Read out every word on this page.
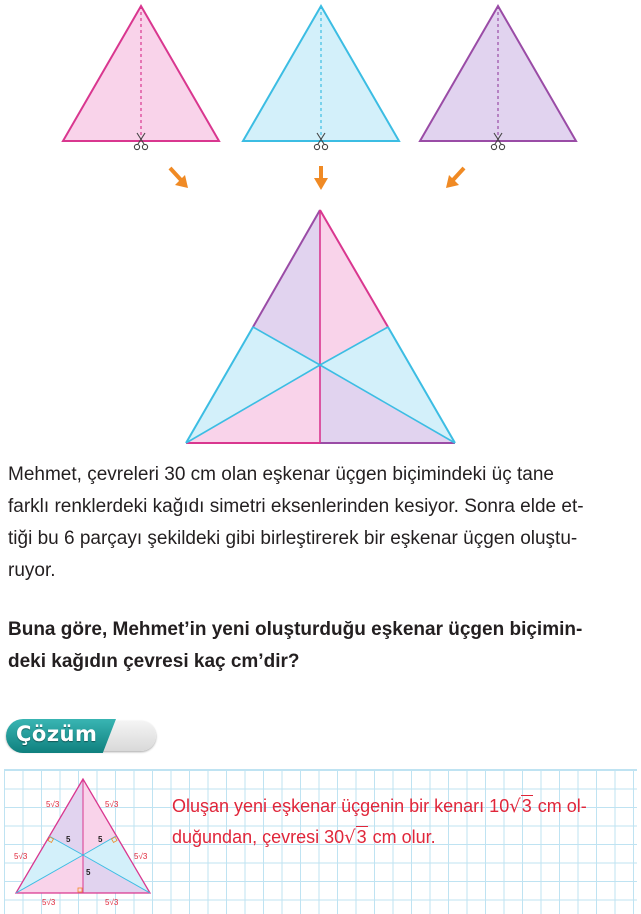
Mehmet, çevreleri 30 cm olan eşkenar üçgen biçimindeki üç tane
farklı renklerdeki kağıdı simetri eksenlerinden kesiyor. Sonra elde et-
tiği bu 6 parçayı şekildeki gibi birleştirerek bir eşkenar üçgen oluştu-
ruyor.

Buna göre, Mehmet’in yeni oluşturduğu eşkenar üçgen biçimin-
deki kağıdın çevresi kaç cm’dir?

Çözüm
5√3	5√3
5√3	5√3
5√3	5√3
5	5
5

Oluşan yeni eşkenar üçgenin bir kenarı 10√3 cm ol-
duğundan, çevresi 30√3 cm olur.
